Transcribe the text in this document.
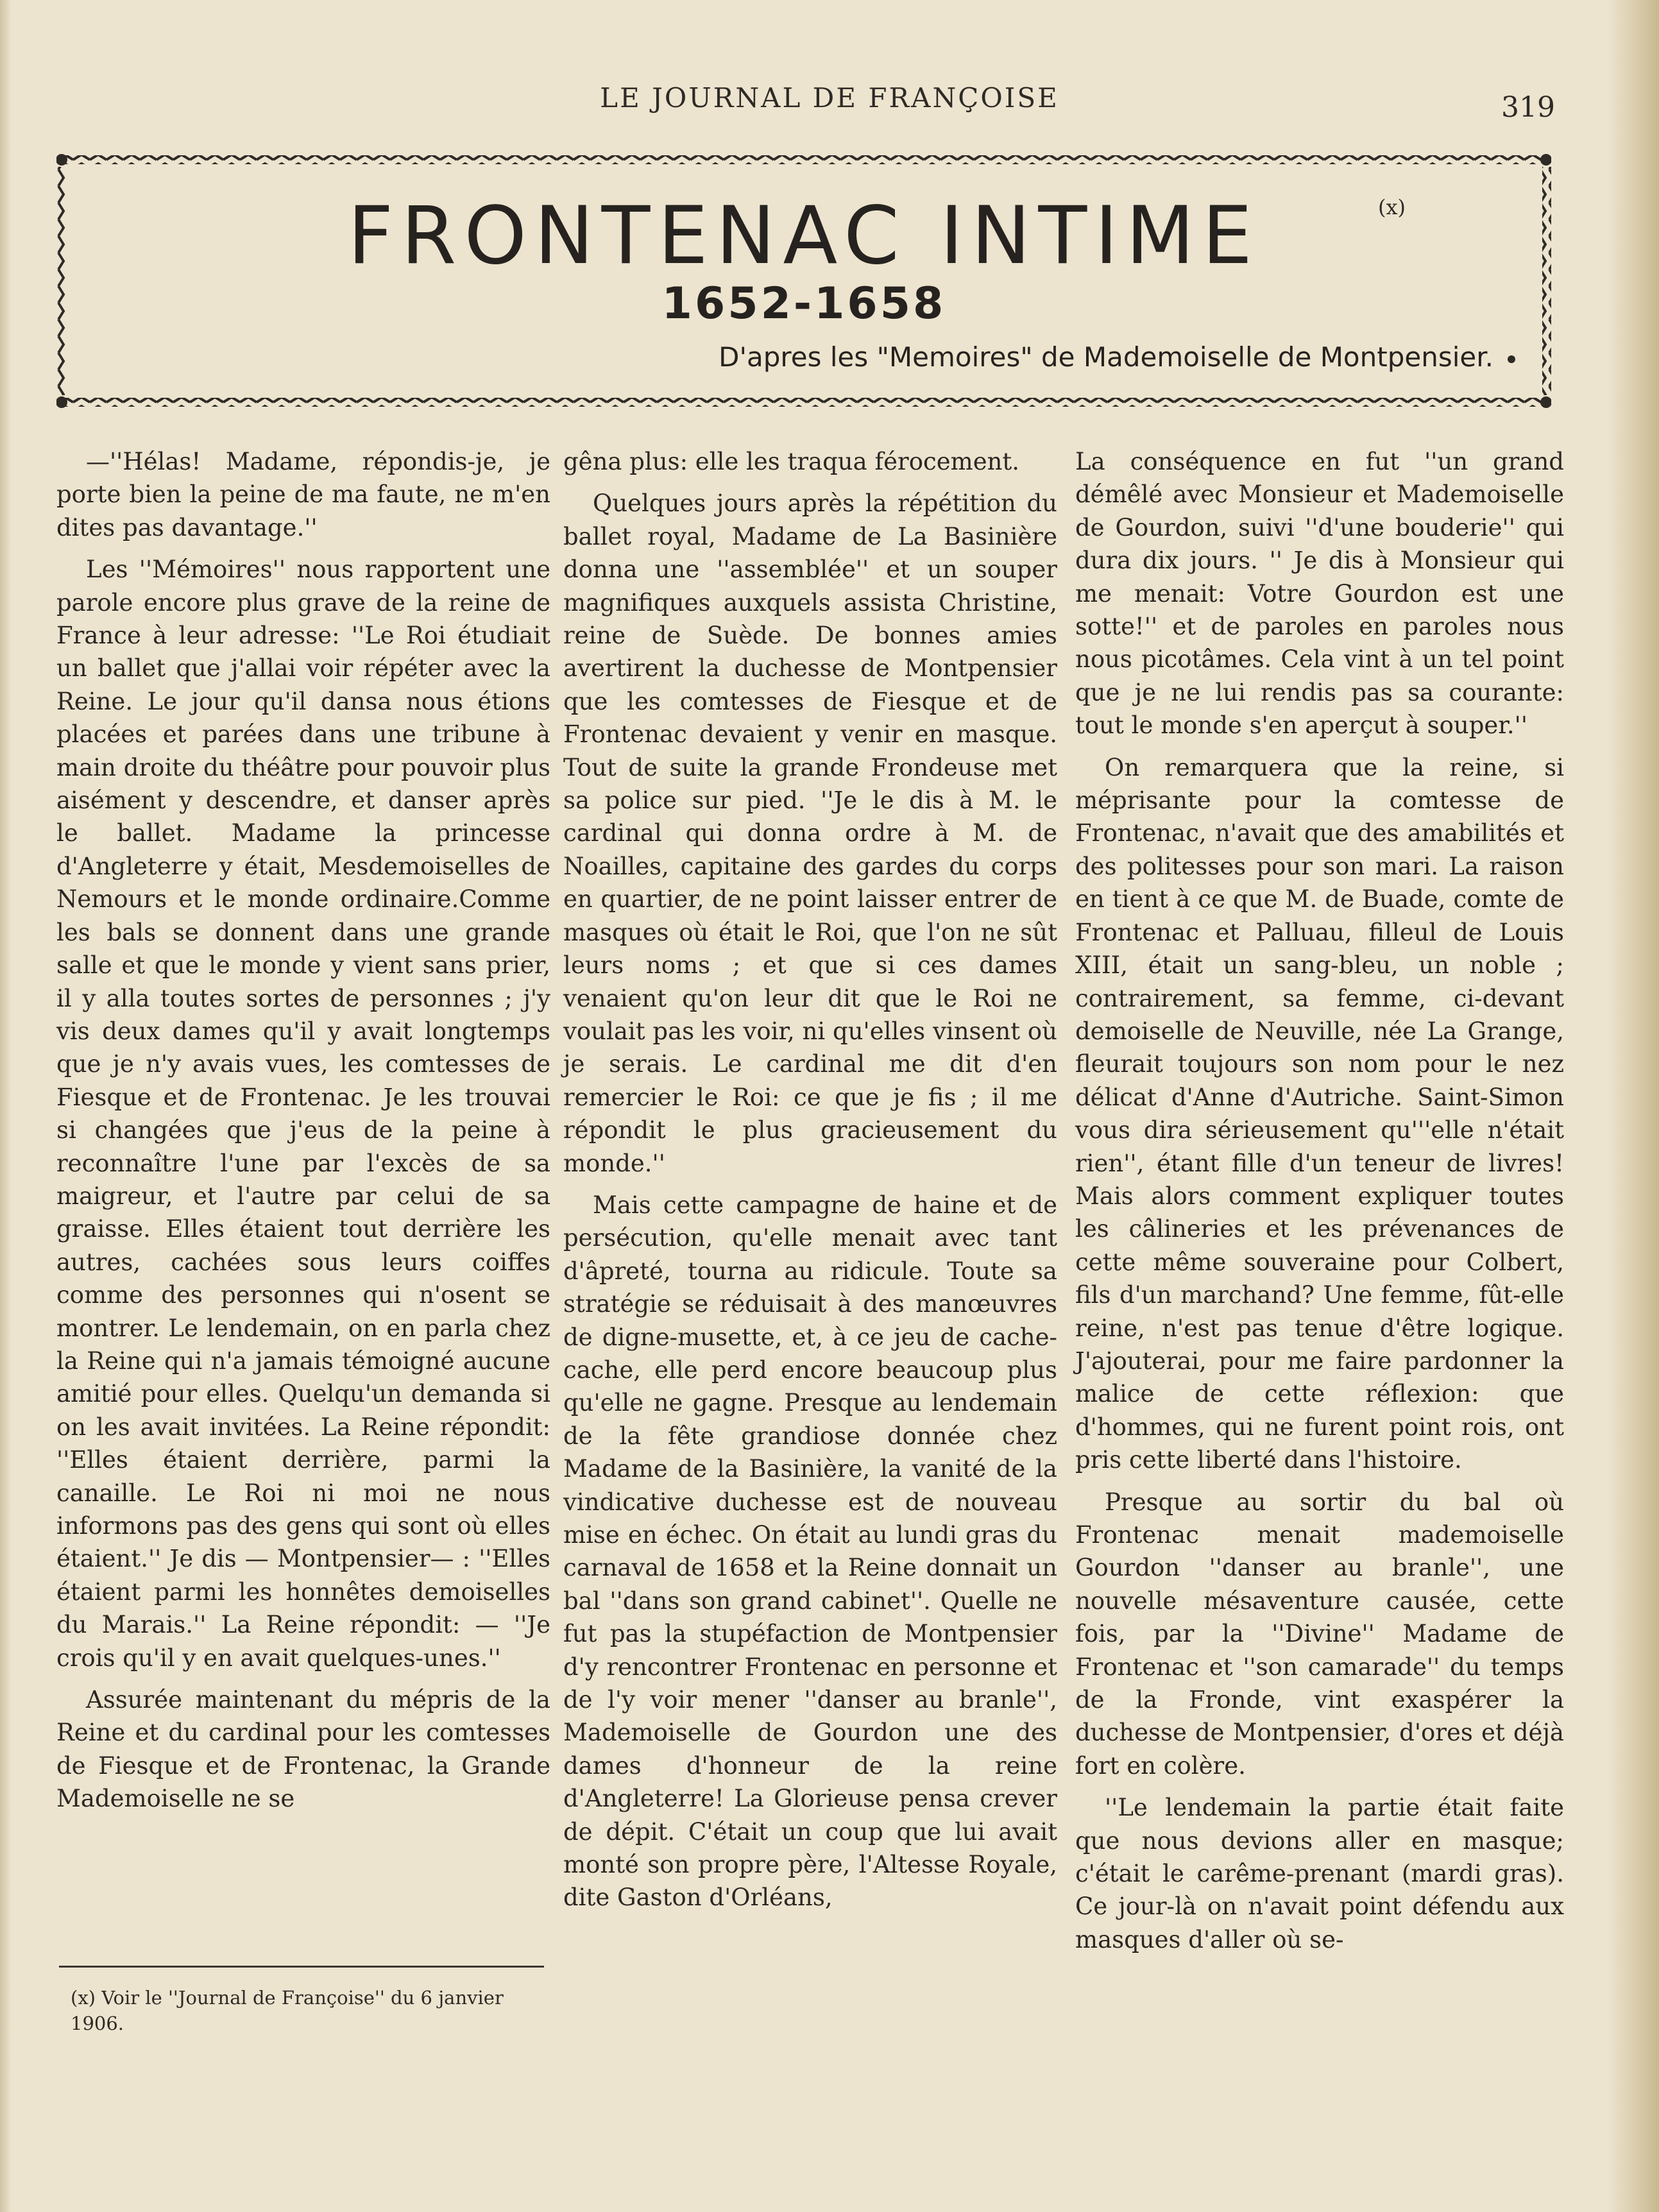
LE JOURNAL DE FRANÇOISE	319
FRONTENAC INTIME	(x)
1652-1658
D'apres les "Memoires" de Mademoiselle de Montpensier.

—''Hélas! Madame, répondis-je, je porte bien la peine de ma faute, ne m'en dites pas davantage.''

Les ''Mémoires'' nous rapportent une parole encore plus grave de la reine de France à leur adresse: ''Le Roi étudiait un ballet que j'allai voir répéter avec la Reine. Le jour qu'il dansa nous étions placées et parées dans une tribune à main droite du théâtre pour pouvoir plus aisément y descendre, et danser après le ballet. Madame la princesse d'Angleterre y était, Mesdemoiselles de Nemours et le monde ordinaire.Comme les bals se donnent dans une grande salle et que le monde y vient sans prier, il y alla toutes sortes de personnes ; j'y vis deux dames qu'il y avait longtemps que je n'y avais vues, les comtesses de Fiesque et de Frontenac. Je les trouvai si changées que j'eus de la peine à reconnaître l'une par l'excès de sa maigreur, et l'autre par celui de sa graisse. Elles étaient tout derrière les autres, cachées sous leurs coiffes comme des personnes qui n'osent se montrer. Le lendemain, on en parla chez la Reine qui n'a jamais témoigné aucune amitié pour elles. Quelqu'un demanda si on les avait invitées. La Reine répondit: ''Elles étaient derrière, parmi la canaille. Le Roi ni moi ne nous informons pas des gens qui sont où elles étaient.'' Je dis — Montpensier— : ''Elles étaient parmi les honnêtes demoiselles du Marais.'' La Reine répondit: — ''Je crois qu'il y en avait quelques-unes.''

Assurée maintenant du mépris de la Reine et du cardinal pour les comtesses de Fiesque et de Frontenac, la Grande Mademoiselle ne se

gêna plus: elle les traqua férocement.

Quelques jours après la répétition du ballet royal, Madame de La Basinière donna une ''assemblée'' et un souper magnifiques auxquels assista Christine, reine de Suède. De bonnes amies avertirent la duchesse de Montpensier que les comtesses de Fiesque et de Frontenac devaient y venir en masque. Tout de suite la grande Frondeuse met sa police sur pied. ''Je le dis à M. le cardinal qui donna ordre à M. de Noailles, capitaine des gardes du corps en quartier, de ne point laisser entrer de masques où était le Roi, que l'on ne sût leurs noms ; et que si ces dames venaient qu'on leur dit que le Roi ne voulait pas les voir, ni qu'elles vinsent où je serais. Le cardinal me dit d'en remercier le Roi: ce que je fis ; il me répondit le plus gracieusement du monde.''

Mais cette campagne de haine et de persécution, qu'elle menait avec tant d'âpreté, tourna au ridicule. Toute sa stratégie se réduisait à des manœuvres de digne-musette, et, à ce jeu de cache-cache, elle perd encore beaucoup plus qu'elle ne gagne. Presque au lendemain de la fête grandiose donnée chez Madame de la Basinière, la vanité de la vindicative duchesse est de nouveau mise en échec. On était au lundi gras du carnaval de 1658 et la Reine donnait un bal ''dans son grand cabinet''. Quelle ne fut pas la stupéfaction de Montpensier d'y rencontrer Frontenac en personne et de l'y voir mener ''danser au branle'', Mademoiselle de Gourdon une des dames d'honneur de la reine d'Angleterre! La Glorieuse pensa crever de dépit. C'était un coup que lui avait monté son propre père, l'Altesse Royale, dite Gaston d'Orléans,

La conséquence en fut ''un grand démêlé avec Monsieur et Mademoiselle de Gourdon, suivi ''d'une bouderie'' qui dura dix jours. '' Je dis à Monsieur qui me menait: Votre Gourdon est une sotte!'' et de paroles en paroles nous nous picotâmes. Cela vint à un tel point que je ne lui rendis pas sa courante: tout le monde s'en aperçut à souper.''

On remarquera que la reine, si méprisante pour la comtesse de Frontenac, n'avait que des amabilités et des politesses pour son mari. La raison en tient à ce que M. de Buade, comte de Frontenac et Palluau, filleul de Louis XIII, était un sang-bleu, un noble ; contrairement, sa femme, ci-devant demoiselle de Neuville, née La Grange, fleurait toujours son nom pour le nez délicat d'Anne d'Autriche. Saint-Simon vous dira sérieusement qu'''elle n'était rien'', étant fille d'un teneur de livres! Mais alors comment expliquer toutes les câlineries et les prévenances de cette même souveraine pour Colbert, fils d'un marchand? Une femme, fût-elle reine, n'est pas tenue d'être logique. J'ajouterai, pour me faire pardonner la malice de cette réflexion: que d'hommes, qui ne furent point rois, ont pris cette liberté dans l'histoire.

Presque au sortir du bal où Frontenac menait mademoiselle Gourdon ''danser au branle'', une nouvelle mésaventure causée, cette fois, par la ''Divine'' Madame de Frontenac et ''son camarade'' du temps de la Fronde, vint exaspérer la duchesse de Montpensier, d'ores et déjà fort en colère.

''Le lendemain la partie était faite que nous devions aller en masque; c'était le carême-prenant (mardi gras). Ce jour-là on n'avait point défendu aux masques d'aller où se-

(x) Voir le ''Journal de Françoise'' du 6 janvier 1906.
